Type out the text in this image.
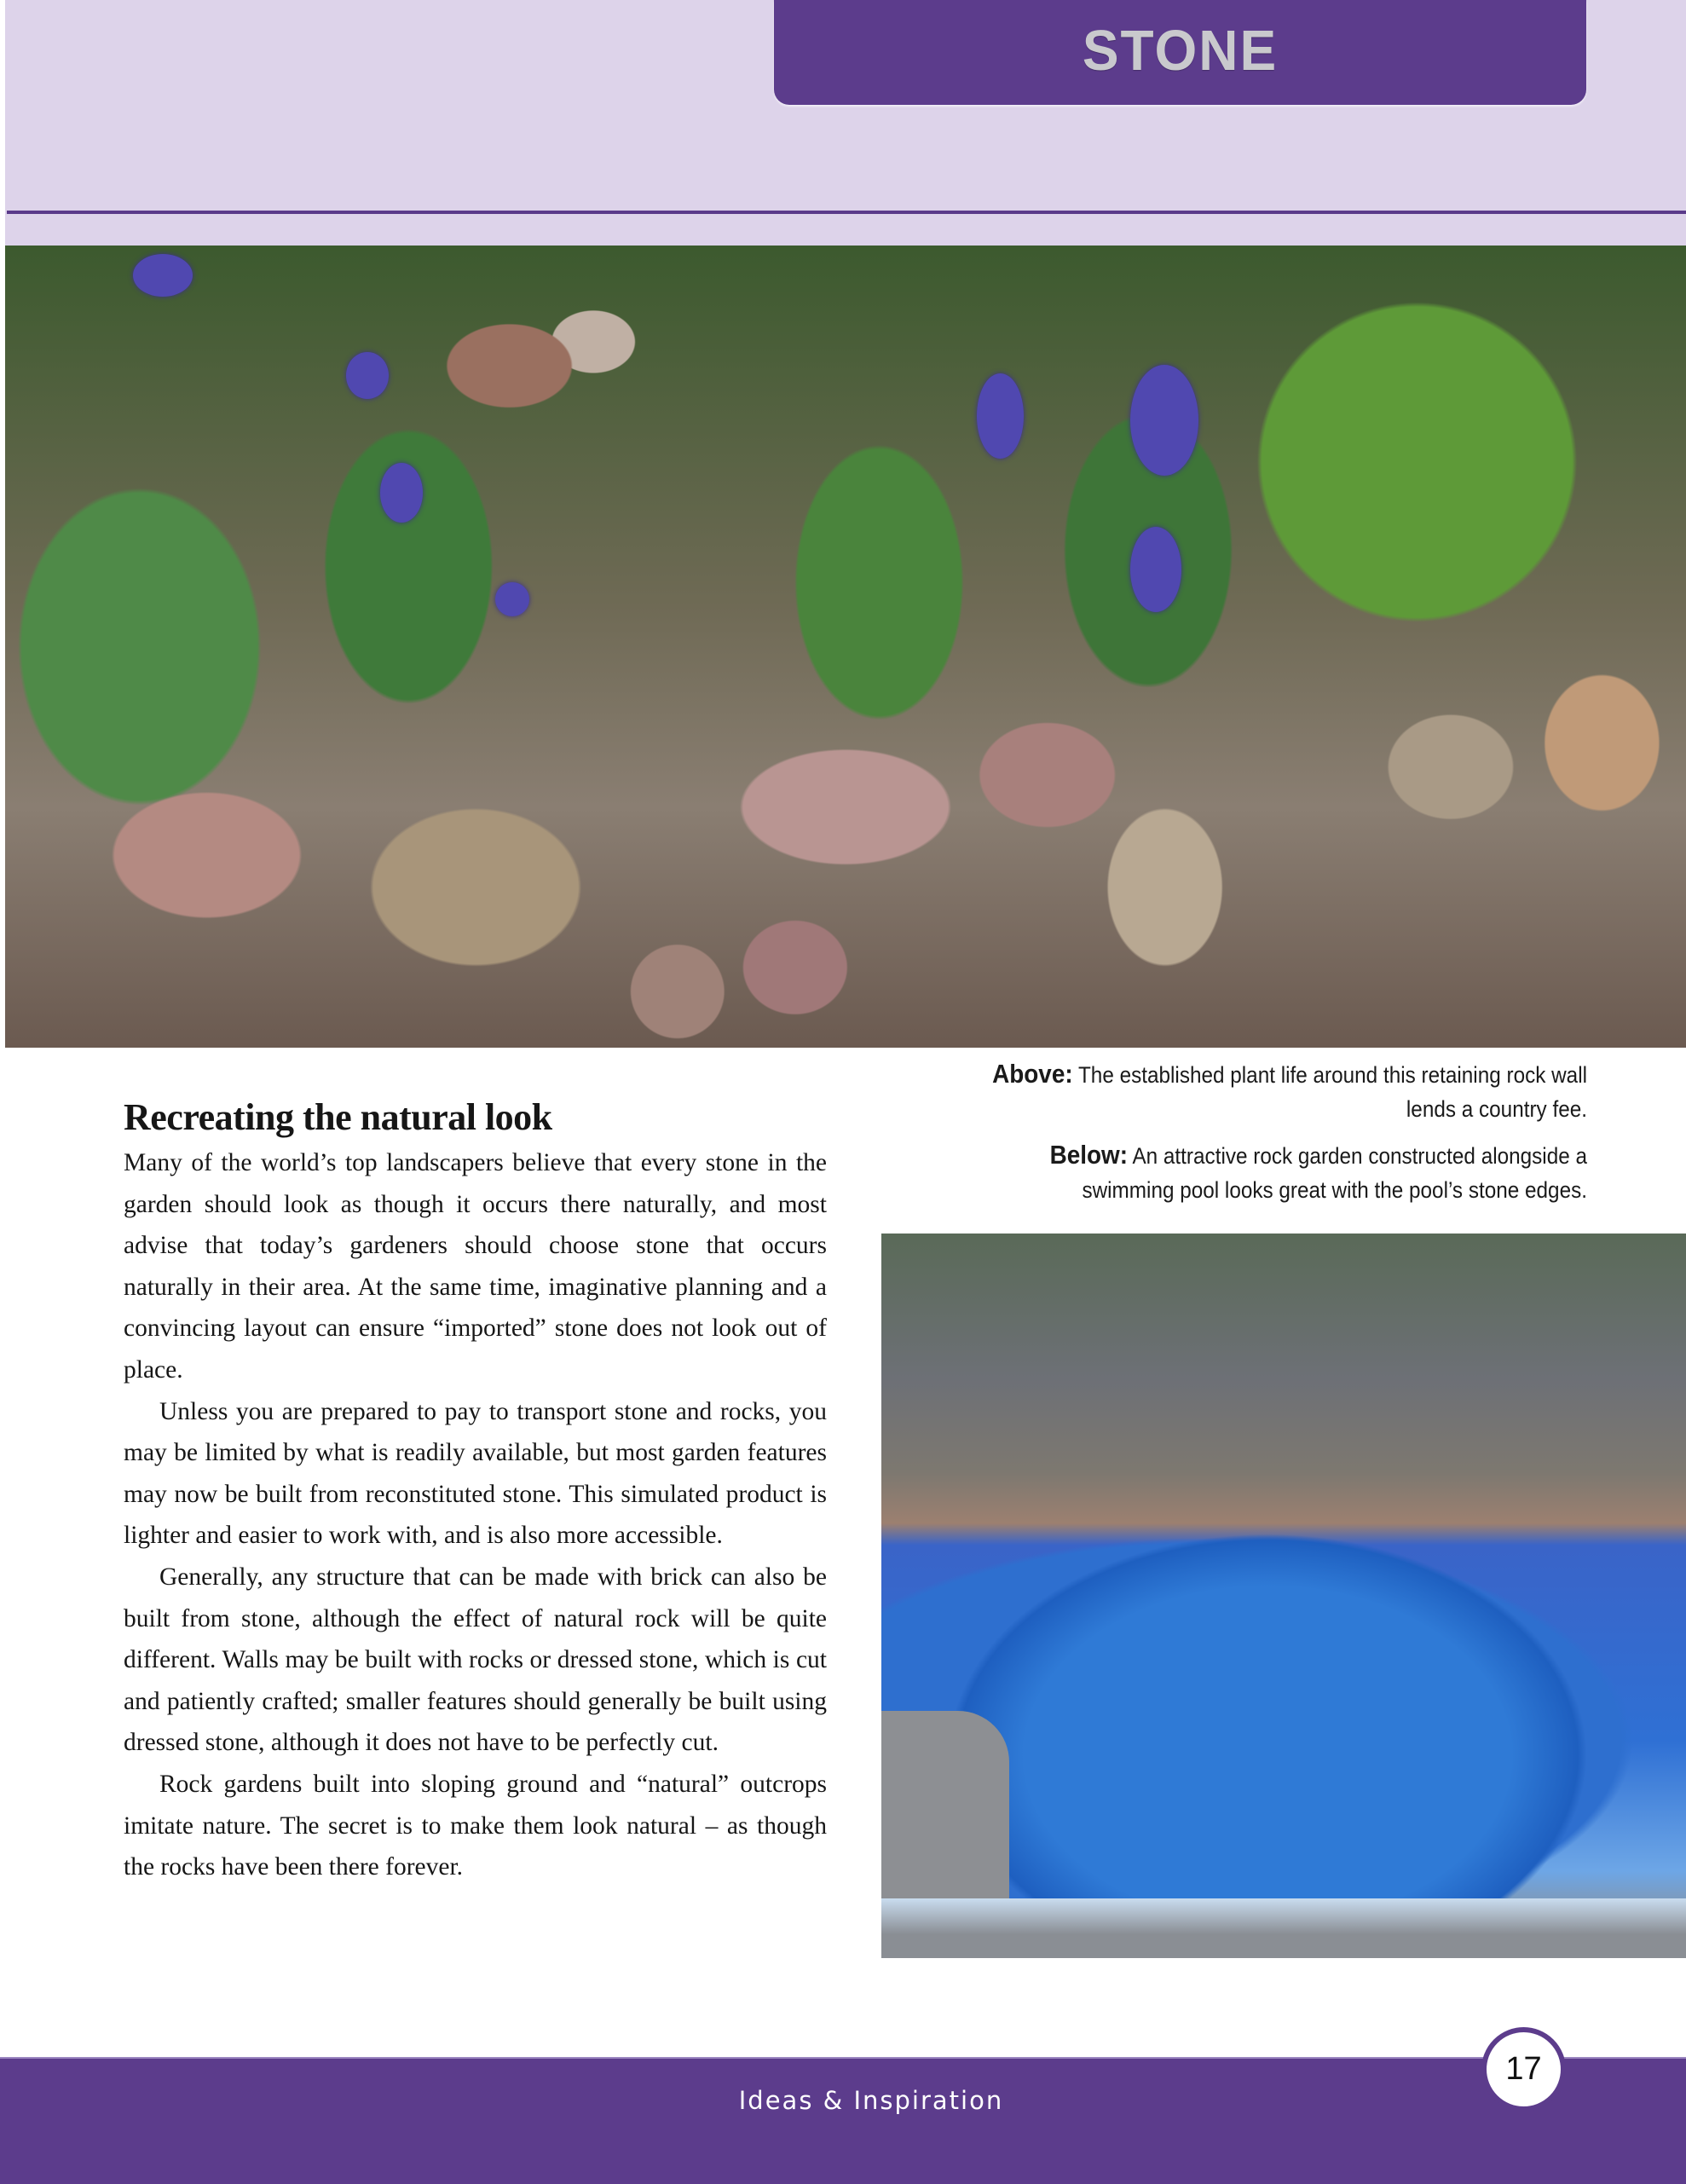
STONE

Above: The established plant life around this retaining rock wall lends a country fee.

Below: An attractive rock garden constructed alongside a swimming pool looks great with the pool’s stone edges.

Recreating the natural look

Many of the world’s top landscapers believe that every stone in the garden should look as though it occurs there naturally, and most advise that today’s gardeners should choose stone that occurs naturally in their area. At the same time, imaginative planning and a convincing layout can ensure “imported” stone does not look out of place.

Unless you are prepared to pay to transport stone and rocks, you may be limited by what is readily available, but most garden features may now be built from reconstituted stone. This simulated product is lighter and easier to work with, and is also more accessible.

Generally, any structure that can be made with brick can also be built from stone, although the effect of natural rock will be quite different. Walls may be built with rocks or dressed stone, which is cut and patiently crafted; smaller features should generally be built using dressed stone, although it does not have to be perfectly cut.

Rock gardens built into sloping ground and “natural” outcrops imitate nature. The secret is to make them look natural – as though the rocks have been there forever.

Ideas & Inspiration
17
